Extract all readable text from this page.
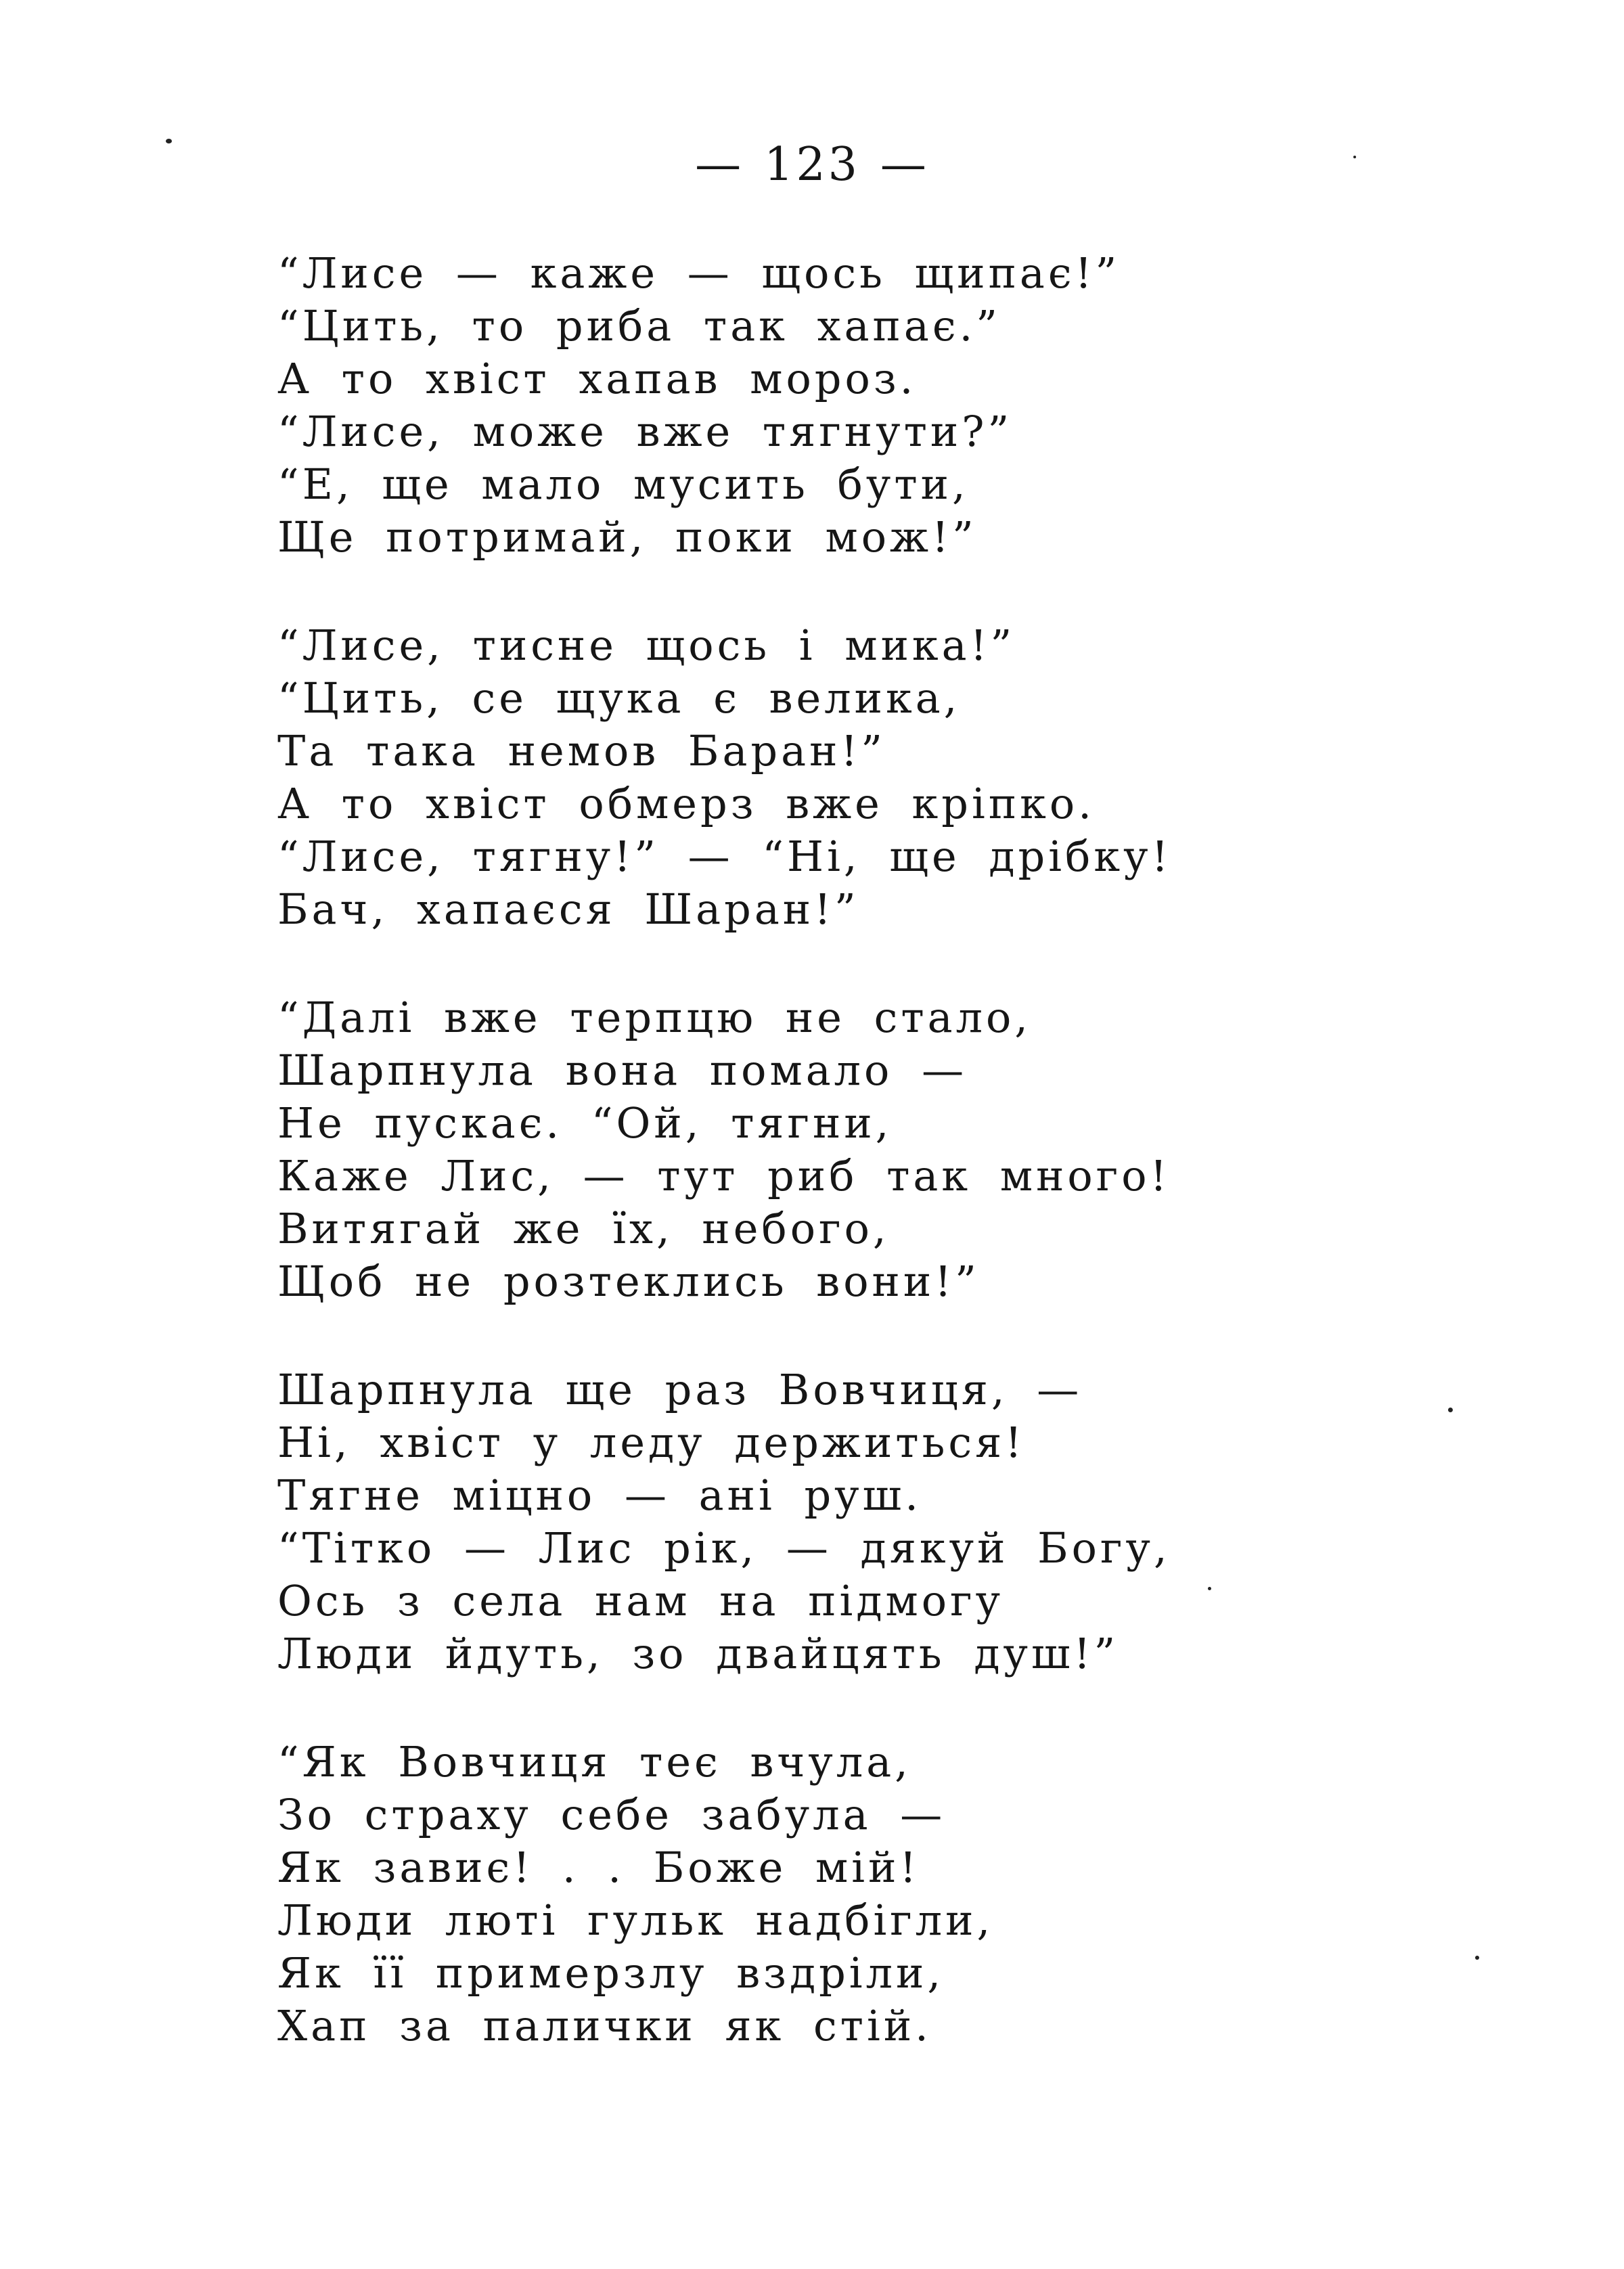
— 123 —
“Лисе — каже — щось щипає!”
“Цить, то риба так хапає.”
А то хвіст хапав мороз.
“Лисе, може вже тягнути?”
“Е, ще мало мусить бути,
Ще потримай, поки мож!”
“Лисе, тисне щось і мика!”
“Цить, се щука є велика,
Та така немов Баран!”
А то хвіст обмерз вже кріпко.
“Лисе, тягну!” — “Ні, ще дрібку!
Бач, хапаєся Шаран!”
“Далі вже терпцю не стало,
Шарпнула вона помало —
Не пускає. “Ой, тягни,
Каже Лис, — тут риб так много!
Витягай же їх, небого,
Щоб не розтеклись вони!”
Шарпнула ще раз Вовчиця, —
Ні, хвіст у леду держиться!
Тягне міцно — ані руш.
“Тітко — Лис рік, — дякуй Богу,
Ось з села нам на підмогу
Люди йдуть, зо двайцять душ!”
“Як Вовчиця теє вчула,
Зо страху себе забула —
Як завиє! . . Боже мій!
Люди люті гульк надбігли,
Як її примерзлу вздріли,
Хап за палички як стій.
